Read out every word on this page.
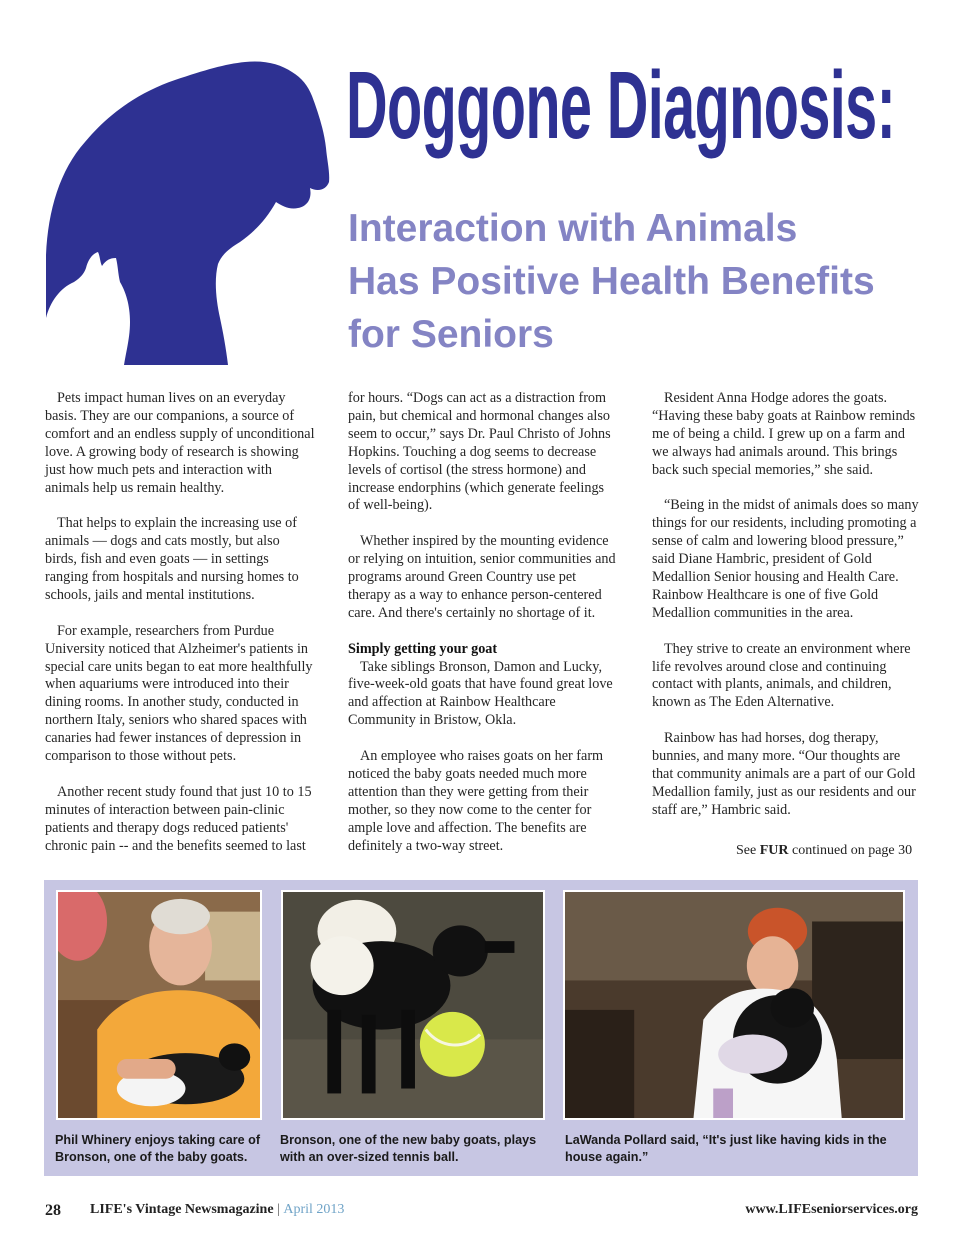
Doggone Diagnosis:
Interaction with Animals
Has Positive Health Benefits
for Seniors

Pets impact human lives on an everyday basis. They are our companions, a source of comfort and an endless supply of unconditional love. A growing body of research is showing just how much pets and interaction with animals help us remain healthy.

That helps to explain the increasing use of animals — dogs and cats mostly, but also birds, fish and even goats — in settings ranging from hospitals and nursing homes to schools, jails and mental institutions.

For example, researchers from Purdue University noticed that Alzheimer's patients in special care units began to eat more healthfully when aquariums were introduced into their dining rooms. In another study, conducted in northern Italy, seniors who shared spaces with canaries had fewer instances of depression in comparison to those without pets.

Another recent study found that just 10 to 15 minutes of interaction between pain-clinic patients and therapy dogs reduced patients' chronic pain -- and the benefits seemed to last

for hours. “Dogs can act as a distraction from pain, but chemical and hormonal changes also seem to occur,” says Dr. Paul Christo of Johns Hopkins. Touching a dog seems to decrease levels of cortisol (the stress hormone) and increase endorphins (which generate feelings of well-being).

Whether inspired by the mounting evidence or relying on intuition, senior communities and programs around Green Country use pet therapy as a way to enhance person-centered care. And there's certainly no shortage of it.

Simply getting your goat

Take siblings Bronson, Damon and Lucky, five-week-old goats that have found great love and affection at Rainbow Healthcare Community in Bristow, Okla.

An employee who raises goats on her farm noticed the baby goats needed much more attention than they were getting from their mother, so they now come to the center for ample love and affection. The benefits are definitely a two-way street.

Resident Anna Hodge adores the goats. “Having these baby goats at Rainbow reminds me of being a child. I grew up on a farm and we always had animals around. This brings back such special memories,” she said.

“Being in the midst of animals does so many things for our residents, including promoting a sense of calm and lowering blood pressure,” said Diane Hambric, president of Gold Medallion Senior housing and Health Care. Rainbow Healthcare is one of five Gold Medallion communities in the area.

They strive to create an environment where life revolves around close and continuing contact with plants, animals, and children, known as The Eden Alternative.

Rainbow has had horses, dog therapy, bunnies, and many more. “Our thoughts are that community animals are a part of our Gold Medallion family, just as our residents and our staff are,” Hambric said.

See FUR continued on page 30
Phil Whinery enjoys taking care of Bronson, one of the baby goats.
Bronson, one of the new baby goats, plays with an over-sized tennis ball.
LaWanda Pollard said, “It's just like having kids in the house again.”
28 LIFE's Vintage Newsmagazine | April 2013	www.LIFEseniorservices.org
